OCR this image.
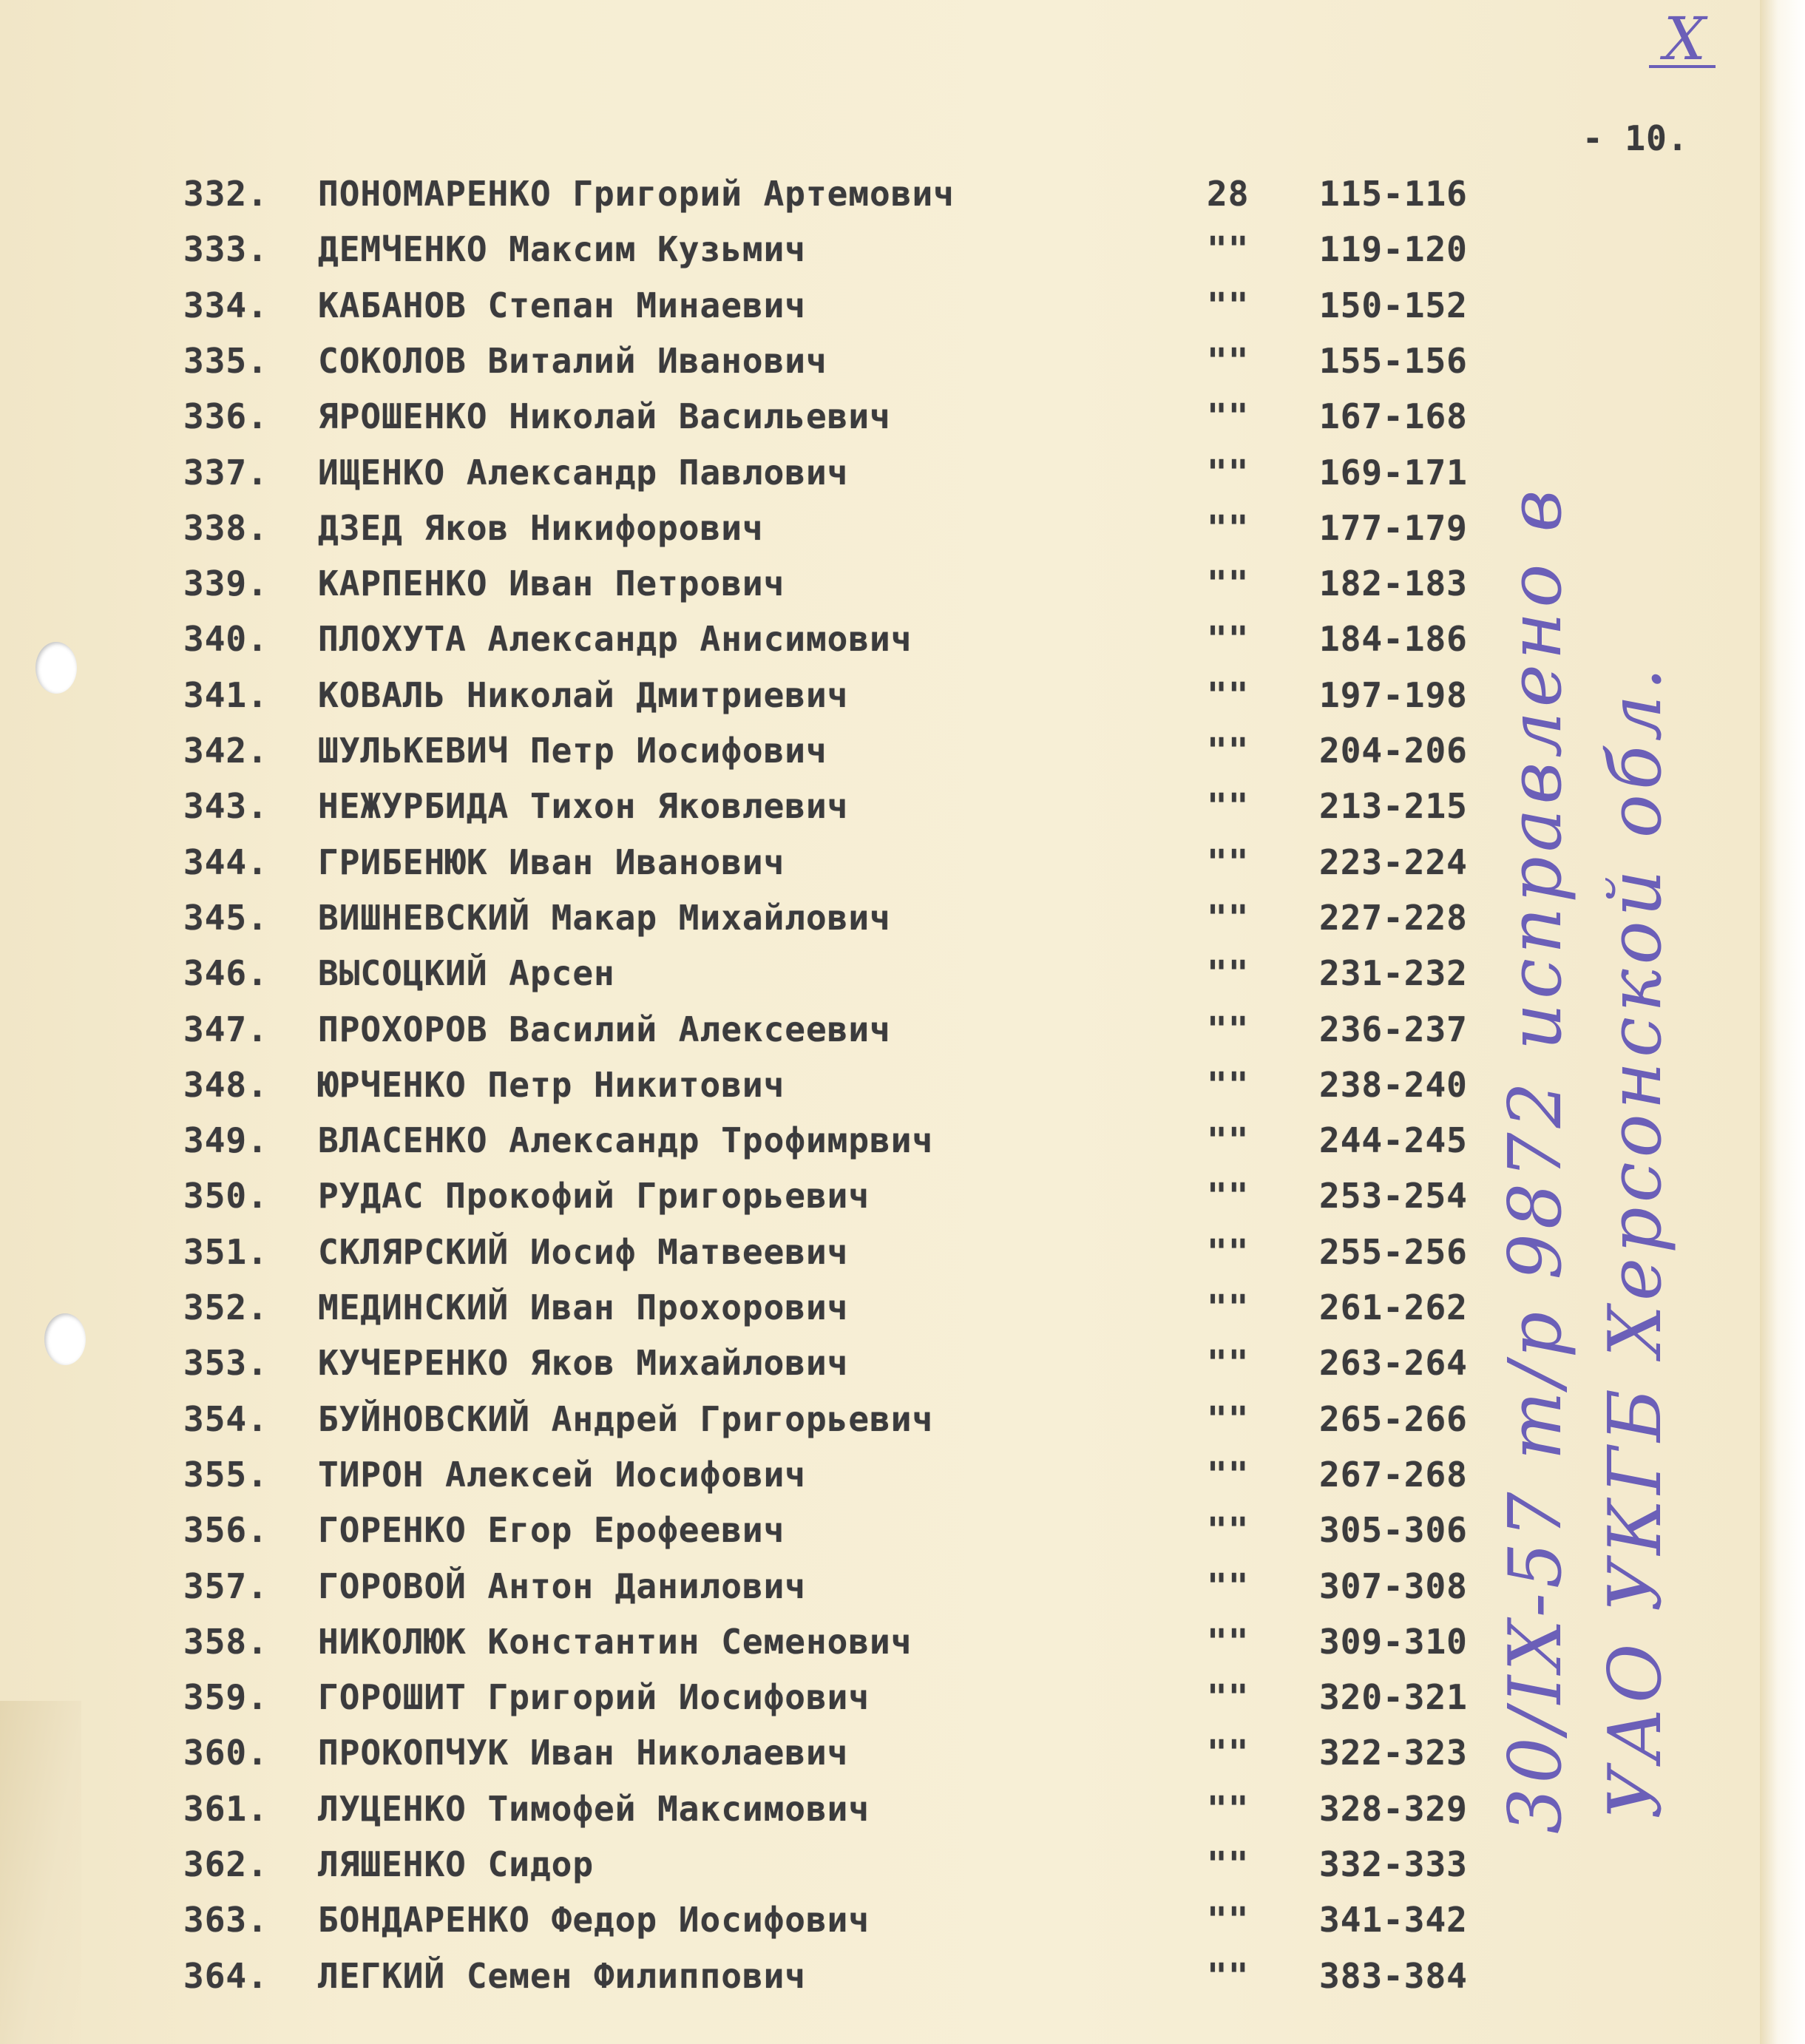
X
- 10.
332. ПОНОМАРЕНКО Григорий Артемович	28 115-116
333. ДЕМЧЕНКО Максим Кузьмич	"" 119-120
334. КАБАНОВ Степан Минаевич	"" 150-152
335. СОКОЛОВ Виталий Иванович	"" 155-156
336. ЯРОШЕНКО Николай Васильевич	"" 167-168
337. ИЩЕНКО Александр Павлович	"" 169-171
338. ДЗЕД Яков Никифорович	"" 177-179
339. КАРПЕНКО Иван Петрович	"" 182-183
340. ПЛОХУТА Александр Анисимович	"" 184-186
341. КОВАЛЬ Николай Дмитриевич	"" 197-198
342. ШУЛЬКЕВИЧ Петр Иосифович	"" 204-206
343. НЕЖУРБИДА Тихон Яковлевич	"" 213-215
344. ГРИБЕНЮК Иван Иванович	"" 223-224
345. ВИШНЕВСКИЙ Макар Михайлович	"" 227-228
346. ВЫСОЦКИЙ Арсен	"" 231-232
347. ПРОХОРОВ Василий Алексеевич	"" 236-237
348. ЮРЧЕНКО Петр Никитович	"" 238-240
349. ВЛАСЕНКО Александр Трофимрвич	"" 244-245
350. РУДАС Прокофий Григорьевич	"" 253-254
351. СКЛЯРСКИЙ Иосиф Матвеевич	"" 255-256
352. МЕДИНСКИЙ Иван Прохорович	"" 261-262
353. КУЧЕРЕНКО Яков Михайлович	"" 263-264
354. БУЙНОВСКИЙ Андрей Григорьевич	"" 265-266
355. ТИРОН Алексей Иосифович	"" 267-268
356. ГОРЕНКО Егор Ерофеевич	"" 305-306
357. ГОРОВОЙ Антон Данилович	"" 307-308
358. НИКОЛЮК Константин Семенович	"" 309-310
359. ГОРОШИТ Григорий Иосифович	"" 320-321
360. ПРОКОПЧУК Иван Николаевич	"" 322-323
361. ЛУЦЕНКО Тимофей Максимович	"" 328-329
362. ЛЯШЕНКО Сидор	"" 332-333
363. БОНДАРЕНКО Федор Иосифович	"" 341-342
364. ЛЕГКИЙ Семен Филиппович	"" 383-384
30/IX-57 т/р 9872 исправлено в УАО УКГБ Херсонской обл.
